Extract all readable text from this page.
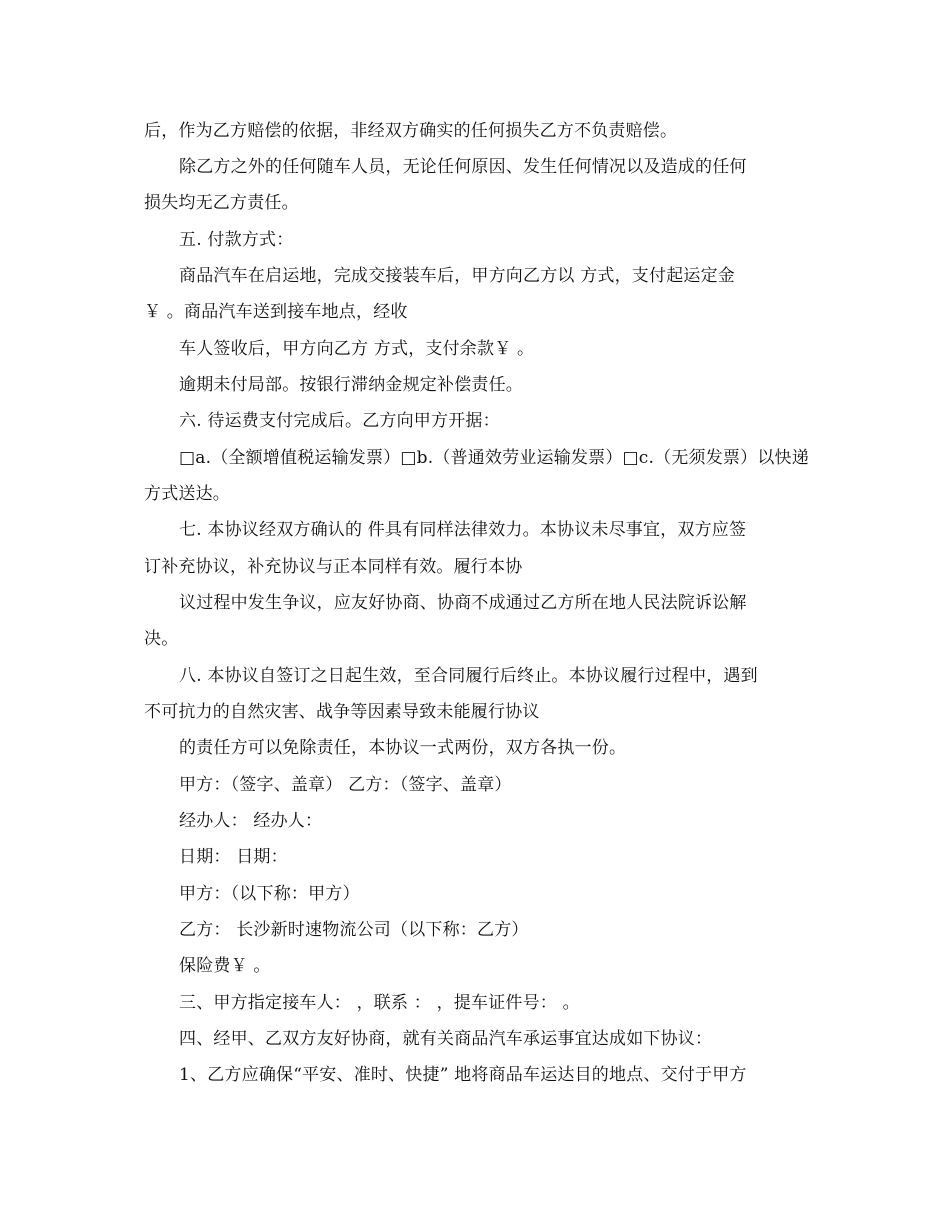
后，作为乙方赔偿的依据，非经双方确实的任何损失乙方不负责赔偿。
除乙方之外的任何随车人员，无论任何原因、发生任何情况以及造成的任何
损失均无乙方责任。
五. 付款方式：
商品汽车在启运地，完成交接装车后，甲方向乙方以 方式，支付起运定金
￥ 。商品汽车送到接车地点，经收
车人签收后，甲方向乙方 方式，支付余款￥ 。
逾期未付局部。按银行滞纳金规定补偿责任。
六. 待运费支付完成后。乙方向甲方开据：
□a.（全额增值税运输发票）□b.（普通效劳业运输发票）□c.（无须发票）以快递
方式送达。
七. 本协议经双方确认的 件具有同样法律效力。本协议未尽事宜，双方应签
订补充协议，补充协议与正本同样有效。履行本协
议过程中发生争议，应友好协商、协商不成通过乙方所在地人民法院诉讼解
决。
八. 本协议自签订之日起生效，至合同履行后终止。本协议履行过程中，遇到
不可抗力的自然灾害、战争等因素导致未能履行协议
的责任方可以免除责任，本协议一式两份，双方各执一份。
甲方：（签字、盖章） 乙方：（签字、盖章）
经办人： 经办人：
日期： 日期：
甲方：（以下称：甲方）
乙方： 长沙新时速物流公司（以下称：乙方）
保险费￥ 。
三、甲方指定接车人： ，联系 ： ，提车证件号： 。
四、经甲、乙双方友好协商，就有关商品汽车承运事宜达成如下协议：
1、乙方应确保“平安、准时、快捷” 地将商品车运达目的地点、交付于甲方
